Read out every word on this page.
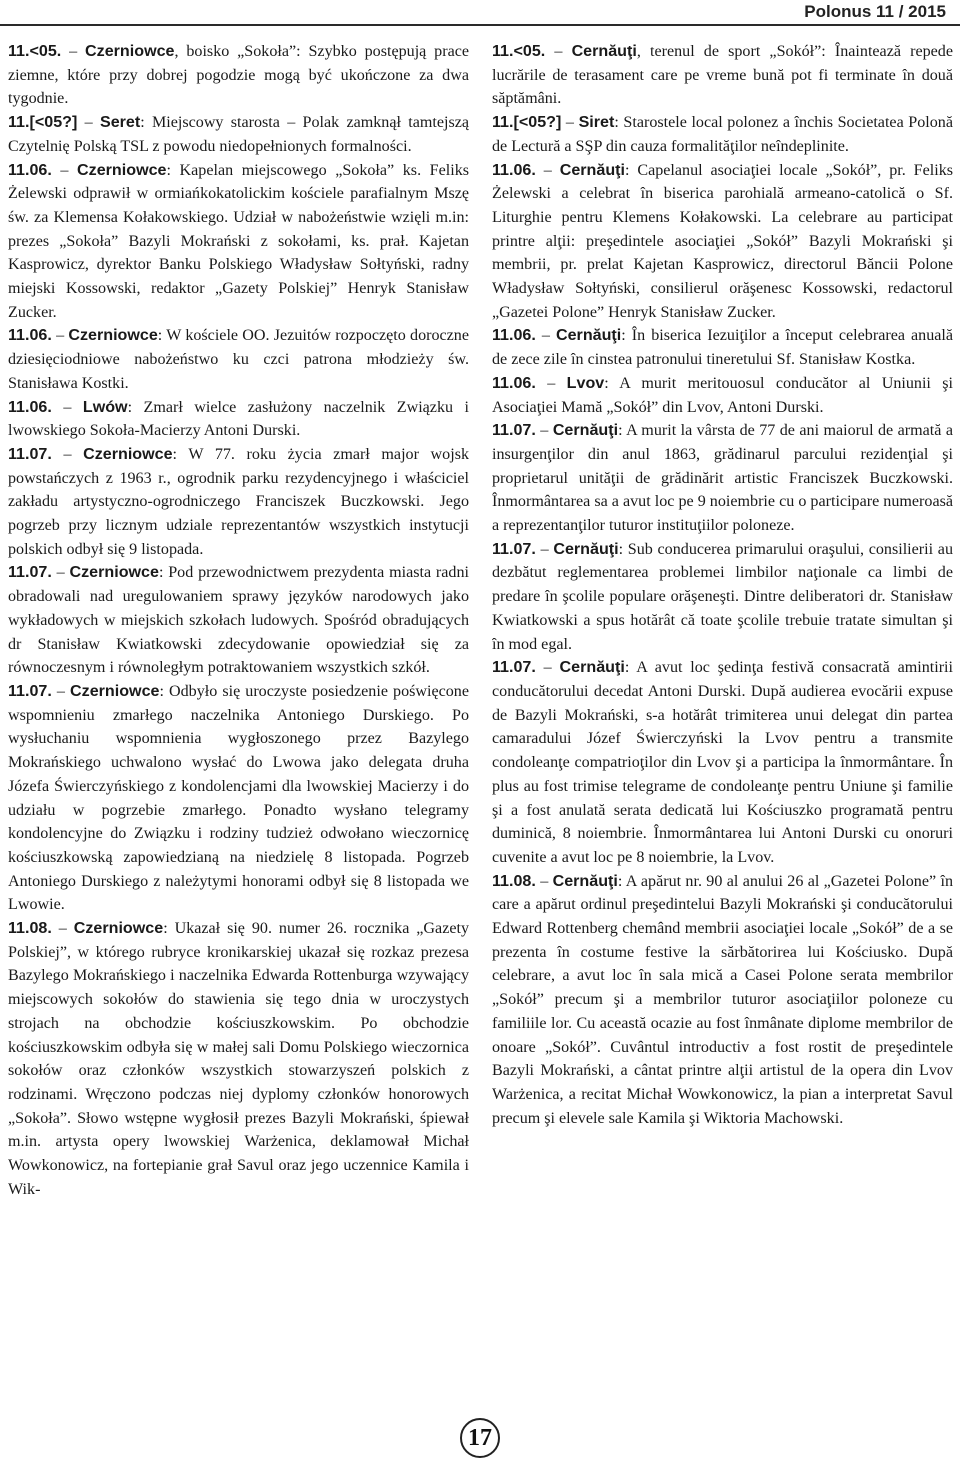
Polonus 11 / 2015

11.<05. – Czerniowce, boisko „Sokoła”: Szybko postępują prace ziemne, które przy dobrej pogodzie mogą być ukończone za dwa tygodnie.

11.[<05?] – Seret: Miejscowy starosta – Polak zamknął tamtejszą Czytelnię Polską TSL z powodu niedopełnionych formalności.

11.06. – Czerniowce: Kapelan miejscowego „Sokoła” ks. Feliks Żelewski odprawił w ormiańkokatolickim kościele parafialnym Mszę św. za Klemensa Kołakowskiego. Udział w nabożeństwie wzięli m.in: prezes „Sokoła” Bazyli Mokrański z sokołami, ks. prał. Kajetan Kasprowicz, dyrektor Banku Polskiego Władysław Sołtyński, radny miejski Kossowski, redaktor „Gazety Polskiej” Henryk Stanisław Zucker.

11.06. – Czerniowce: W kościele OO. Jezuitów rozpoczęto doroczne dziesięciodniowe nabożeństwo ku czci patrona młodzieży św. Stanisława Kostki.

11.06. – Lwów: Zmarł wielce zasłużony naczelnik Związku i lwowskiego Sokoła-Macierzy Antoni Durski.

11.07. – Czerniowce: W 77. roku życia zmarł major wojsk powstańczych z 1963 r., ogrodnik parku rezydencyjnego i właściciel zakładu artystyczno-ogrodniczego Franciszek Buczkowski. Jego pogrzeb przy licznym udziale reprezentantów wszystkich instytucji polskich odbył się 9 listopada.

11.07. – Czerniowce: Pod przewodnictwem prezydenta miasta radni obradowali nad uregulowaniem sprawy języków narodowych jako wykładowych w miejskich szkołach ludowych. Spośród obradujących dr Stanisław Kwiatkowski zdecydowanie opowiedział się za równoczesnym i równoległym potraktowaniem wszystkich szkół.

11.07. – Czerniowce: Odbyło się uroczyste posiedzenie poświęcone wspomnieniu zmarłego naczelnika Antoniego Durskiego. Po wysłuchaniu wspomnienia wygłoszonego przez Bazylego Mokrańskiego uchwalono wysłać do Lwowa jako delegata druha Józefa Świerczyńskiego z kondolencjami dla lwowskiej Macierzy i do udziału w pogrzebie zmarłego. Ponadto wysłano telegramy kondolencyjne do Związku i rodziny tudzież odwołano wieczornicę kościuszkowską zapowiedzianą na niedzielę 8 listopada. Pogrzeb Antoniego Durskiego z należytymi honorami odbył się 8 listopada we Lwowie.

11.08. – Czerniowce: Ukazał się 90. numer 26. rocznika „Gazety Polskiej”, w którego rubryce kronikarskiej ukazał się rozkaz prezesa Bazylego Mokrańskiego i naczelnika Edwarda Rottenburga wzywający miejscowych sokołów do stawienia się tego dnia w uroczystych strojach na obchodzie kościuszkowskim. Po obchodzie kościuszkowskim odbyła się w małej sali Domu Polskiego wieczornica sokołów oraz członków wszystkich stowarzyszeń polskich z rodzinami. Wręczono podczas niej dyplomy członków honorowych „Sokoła”. Słowo wstępne wygłosił prezes Bazyli Mokrański, śpiewał m.in. artysta opery lwowskiej Warżenica, deklamował Michał Wowkonowicz, na fortepianie grał Savul oraz jego uczennice Kamila i Wik-

11.<05. – Cernăuţi, terenul de sport „Sokół”: Înaintează repede lucrările de terasament care pe vreme bună pot fi terminate în două săptămâni.

11.[<05?] – Siret: Starostele local polonez a închis Societatea Polonă de Lectură a SŞP din cauza formalităţilor neîndeplinite.

11.06. – Cernăuţi: Capelanul asociaţiei locale „Sokół”, pr. Feliks Żelewski a celebrat în biserica parohială armeano-catolică o Sf. Liturghie pentru Klemens Kołakowski. La celebrare au participat printre alţii: preşedintele asociaţiei „Sokół” Bazyli Mokrański şi membrii, pr. prelat Kajetan Kasprowicz, directorul Băncii Polone Władysław Sołtyński, consilierul orăşenesc Kossowski, redactorul „Gazetei Polone” Henryk Stanisław Zucker.

11.06. – Cernăuţi: În biserica Iezuiţilor a început celebrarea anuală de zece zile în cinstea patronului tineretului Sf. Stanisław Kostka.

11.06. – Lvov: A murit meritouosul conducător al Uniunii şi Asociaţiei Mamă „Sokół” din Lvov, Antoni Durski.

11.07. – Cernăuţi: A murit la vârsta de 77 de ani maiorul de armată a insurgenţilor din anul 1863, grădinarul parcului rezidenţial şi proprietarul unităţii de grădinărit artistic Franciszek Buczkowski. Înmormântarea sa a avut loc pe 9 noiembrie cu o participare numeroasă a reprezentanţilor tuturor instituţiilor poloneze.

11.07. – Cernăuţi: Sub conducerea primarului oraşului, consilierii au dezbătut reglementarea problemei limbilor naţionale ca limbi de predare în şcolile populare orăşeneşti. Dintre deliberatori dr. Stanisław Kwiatkowski a spus hotărât că toate şcolile trebuie tratate simultan şi în mod egal.

11.07. – Cernăuţi: A avut loc şedinţa festivă consacrată amintirii conducătorului decedat Antoni Durski. După audierea evocării expuse de Bazyli Mokrański, s-a hotărât trimiterea unui delegat din partea camaradului Józef Świerczyński la Lvov pentru a transmite condoleanţe compatrioţilor din Lvov şi a participa la înmormântare. În plus au fost trimise telegrame de condoleanţe pentru Uniune şi familie şi a fost anulată serata dedicată lui Kościuszko programată pentru duminică, 8 noiembrie. Înmormântarea lui Antoni Durski cu onoruri cuvenite a avut loc pe 8 noiembrie, la Lvov.

11.08. – Cernăuţi: A apărut nr. 90 al anului 26 al „Gazetei Polone” în care a apărut ordinul preşedintelui Bazyli Mokrański şi conducătorului Edward Rottenberg chemând membrii asociaţiei locale „Sokół” de a se prezenta în costume festive la sărbătorirea lui Kościusko. După celebrare, a avut loc în sala mică a Casei Polone serata membrilor „Sokół” precum şi a membrilor tuturor asociaţiilor poloneze cu familiile lor. Cu această ocazie au fost înmânate diplome membrilor de onoare „Sokół”. Cuvântul introductiv a fost rostit de preşedintele Bazyli Mokrański, a cântat printre alţii artistul de la opera din Lvov Warżenica, a recitat Michał Wowkonowicz, la pian a interpretat Savul precum şi elevele sale Kamila şi Wiktoria Machowski.

17
